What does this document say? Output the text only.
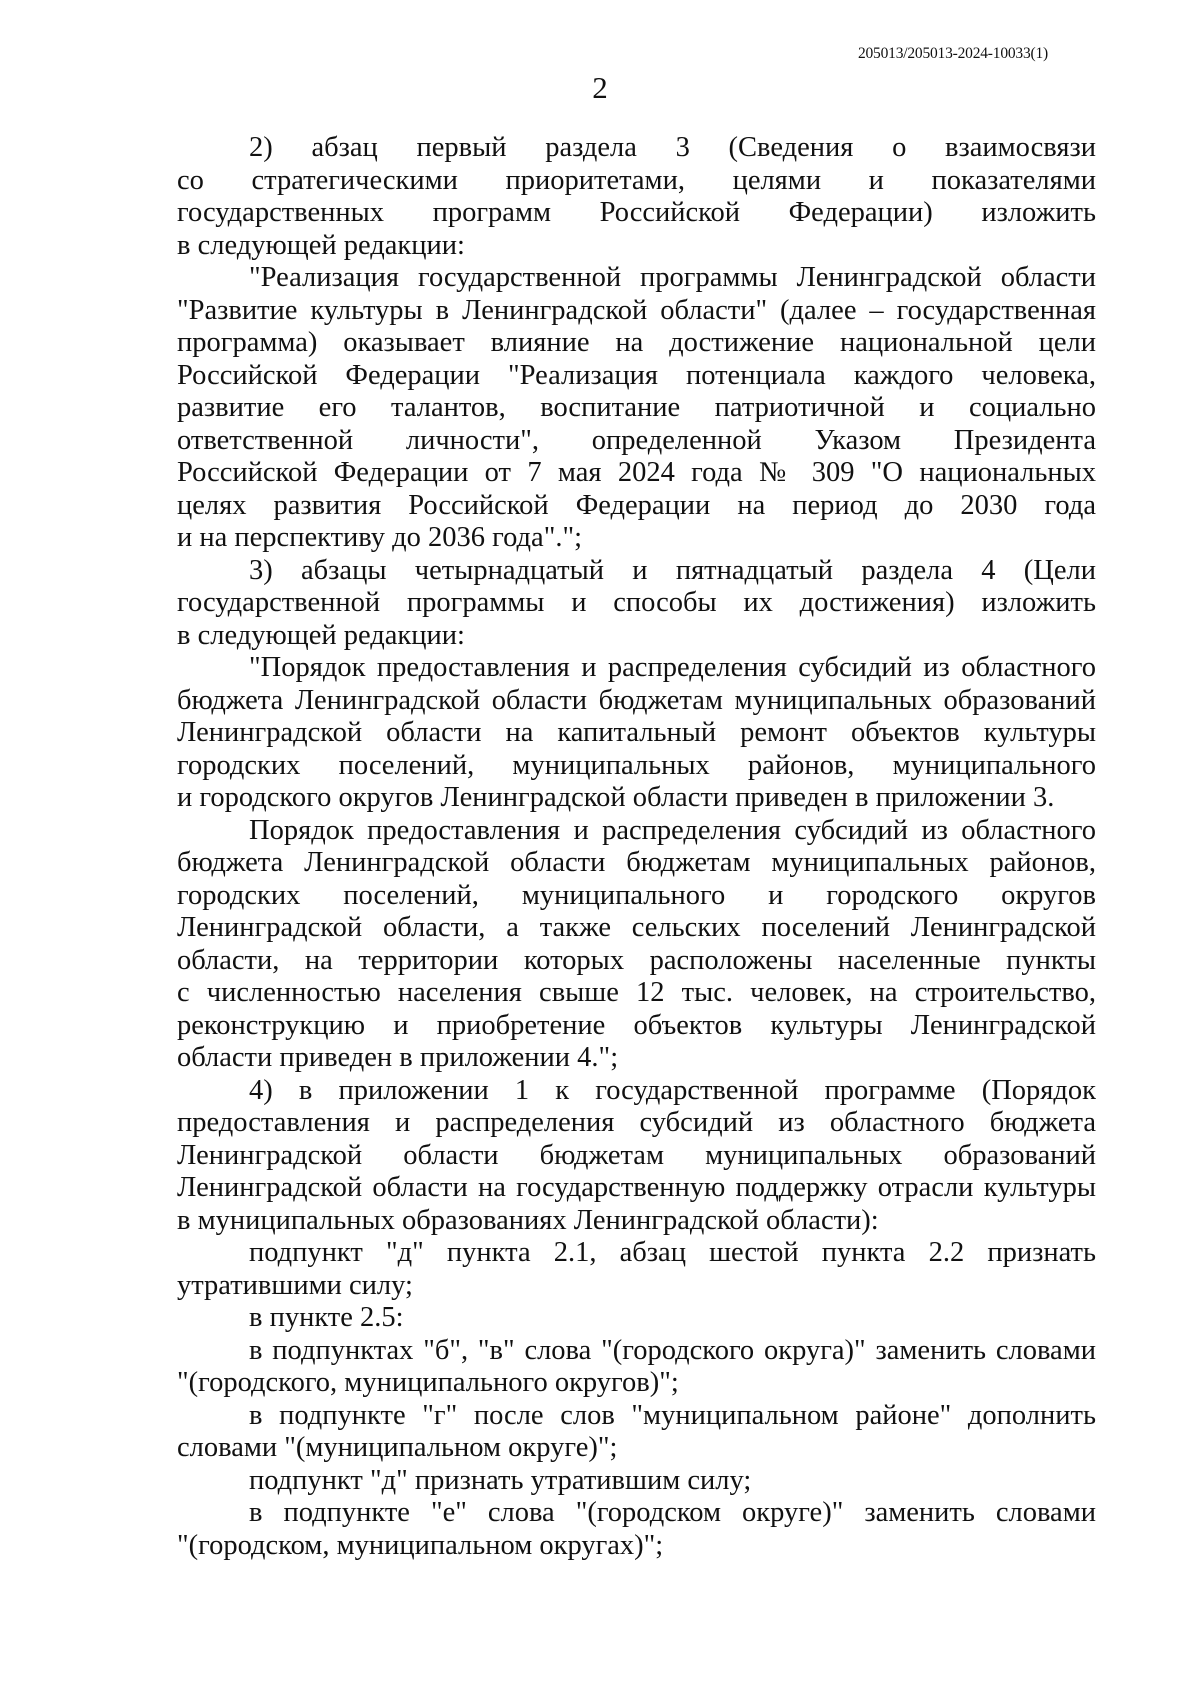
205013/205013-2024-10033(1)
2
2) абзац первый раздела 3 (Сведения о взаимосвязи
со стратегическими приоритетами, целями и показателями
государственных программ Российской Федерации) изложить
в следующей редакции:
"Реализация государственной программы Ленинградской области
"Развитие культуры в Ленинградской области" (далее – государственная
программа) оказывает влияние на достижение национальной цели
Российской Федерации "Реализация потенциала каждого человека,
развитие его талантов, воспитание патриотичной и социально
ответственной личности", определенной Указом Президента
Российской Федерации от 7 мая 2024 года № 309 "О национальных
целях развития Российской Федерации на период до 2030 года
и на перспективу до 2036 года".";
3) абзацы четырнадцатый и пятнадцатый раздела 4 (Цели
государственной программы и способы их достижения) изложить
в следующей редакции:
"Порядок предоставления и распределения субсидий из областного
бюджета Ленинградской области бюджетам муниципальных образований
Ленинградской области на капитальный ремонт объектов культуры
городских поселений, муниципальных районов, муниципального
и городского округов Ленинградской области приведен в приложении 3.
Порядок предоставления и распределения субсидий из областного
бюджета Ленинградской области бюджетам муниципальных районов,
городских поселений, муниципального и городского округов
Ленинградской области, а также сельских поселений Ленинградской
области, на территории которых расположены населенные пункты
с численностью населения свыше 12 тыс. человек, на строительство,
реконструкцию и приобретение объектов культуры Ленинградской
области приведен в приложении 4.";
4) в приложении 1 к государственной программе (Порядок
предоставления и распределения субсидий из областного бюджета
Ленинградской области бюджетам муниципальных образований
Ленинградской области на государственную поддержку отрасли культуры
в муниципальных образованиях Ленинградской области):
подпункт "д" пункта 2.1, абзац шестой пункта 2.2 признать
утратившими силу;
в пункте 2.5:
в подпунктах "б", "в" слова "(городского округа)" заменить словами
"(городского, муниципального округов)";
в подпункте "г" после слов "муниципальном районе" дополнить
словами "(муниципальном округе)";
подпункт "д" признать утратившим силу;
в подпункте "е" слова "(городском округе)" заменить словами
"(городском, муниципальном округах)";
